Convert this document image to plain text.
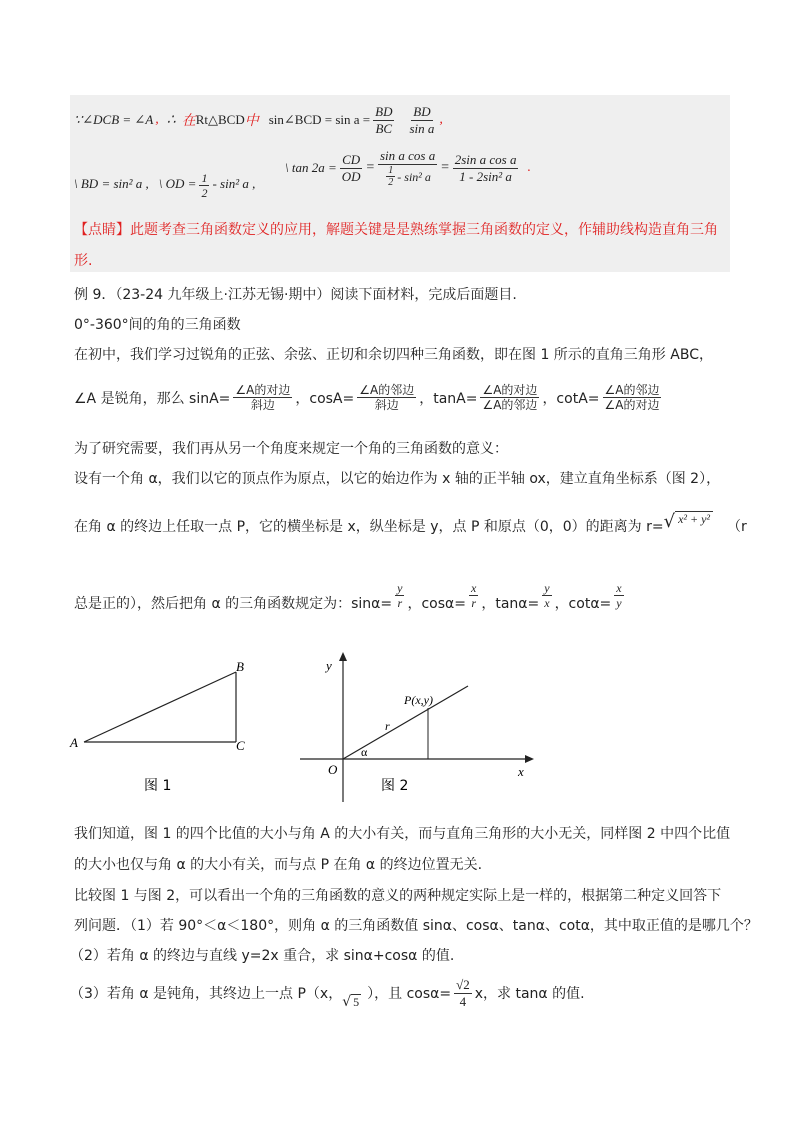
∵∠DCB = ∠A , ∴ 在 Rt△BCD 中 sin∠BCD = $\sin a = \frac{BD}{BC} \frac{BD}{\text{sin a}}$ ,
\ BD = sin² a , \ OD = $\frac{1}{2} - \sin^2$ a ,
\ $\tan 2a = \frac{CD}{OD} = \frac{\text{sin a cos a}}{\frac{1}{2} - \sin^2 a} = \frac{\text{2sin a cos a}}{\text{1 - 2sin² a}}$ .
【点睛】此题考查三角函数定义的应用，解题关键是是熟练掌握三角函数的定义，作辅助线构造直角三角
形.
例 9．（23-24 九年级上·江苏无锡·期中）阅读下面材料，完成后面题目.
0°-360°间的角的三角函数
在初中，我们学习过锐角的正弦、余弦、正切和余切四种三角函数，即在图 1 所示的直角三角形 ABC，
∠A 是锐角，那么 $\sin A= \frac{\text{∠A的对边}}{\text{斜边}}$ ，$\cos A= \frac{\text{∠A的邻边}}{\text{斜边}}$ ，$\tan A= \frac{\text{∠A的对边}}{\text{∠A的邻边}}$ ，$\cot A= \frac{\text{∠A的邻边}}{\text{∠A的对边}}$
为了研究需要，我们再从另一个角度来规定一个角的三角函数的意义：
设有一个角 α，我们以它的顶点作为原点，以它的始边作为 x 轴的正半轴 ox，建立直角坐标系（图 2），
在角 α 的终边上任取一点 P，它的横坐标是 x，纵坐标是 y，点 P 和原点（0，0）的距离为 r= √ x² + y²
（r
总是正的），然后把角 α 的三角函数规定为：$\sin\alpha= \frac{y}{r}$ ，$\cos\alpha= \frac{x}{r}$ ，$\tan\alpha= \frac{y}{x}$ ，$\cot\alpha= \frac{x}{y}$
A
B
C
图 1
y
x
O
P(x,y)
r
α
图 2
我们知道，图 1 的四个比值的大小与角 A 的大小有关，而与直角三角形的大小无关，同样图 2 中四个比值
的大小也仅与角 α 的大小有关，而与点 P 在角 α 的终边位置无关.
比较图 1 与图 2，可以看出一个角的三角函数的意义的两种规定实际上是一样的，根据第二种定义回答下
列问题．（1）若 90°＜α＜180°，则角 α 的三角函数值 sinα、cosα、tanα、cotα，其中取正值的是哪几个？
（2）若角 α 的终边与直线 y=2x 重合，求 sinα+cosα 的值.
（3）若角 α 是钝角，其终边上一点 P（x， √ 5 ），且 $\cos\alpha= \frac{√2}{4}$ x，求 tanα 的值.
